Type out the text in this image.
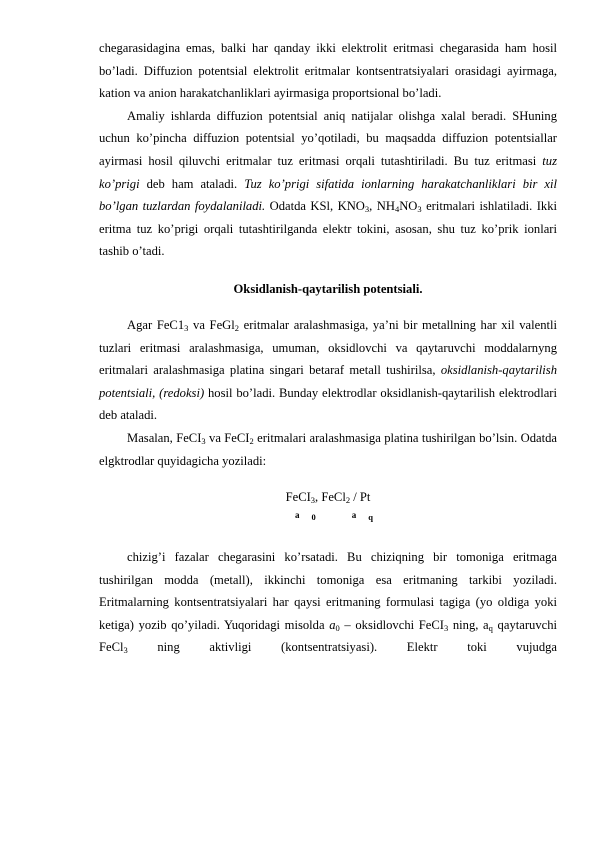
chegarasidagina emas, balki har qanday ikki elektrolit eritmasi chegarasida ham hosil bo’ladi. Diffuzion potentsial elektrolit eritmalar kontsentratsiyalari orasidagi ayirmaga, kation va anion harakatchanliklari ayirmasiga proportsional bo’ladi.

Amaliy ishlarda diffuzion potentsial aniq natijalar olishga xalal beradi. SHuning uchun ko’pincha diffuzion potentsial yo’qotiladi, bu maqsadda diffuzion potentsiallar ayirmasi hosil qiluvchi eritmalar tuz eritmasi orqali tutashtiriladi. Bu tuz eritmasi tuz ko’prigi deb ham ataladi. Tuz ko’prigi sifatida ionlarning harakatchanliklari bir xil bo’lgan tuzlardan foydalaniladi. Odatda KSl, $KNO_3$, $NH_4NO_3$ eritmalari ishlatiladi. Ikki eritma tuz ko’prigi orqali tutashtirilganda elektr tokini, asosan, shu tuz ko’prik ionlari tashib o’tadi.

Oksidlanish-qaytarilish potentsiali.

Agar $FeC1_3$ va FeGl$_2$ eritmalar aralashmasiga, ya’ni bir metallning har xil valentli tuzlari eritmasi aralashmasiga, umuman, oksidlovchi va qaytaruvchi moddalarnyng eritmalari aralashmasiga platina singari betaraf metall tushirilsa, oksidlanish-qaytarilish potentsiali, (redoksi) hosil bo’ladi. Bunday elektrodlar oksidlanish-qaytarilish elektrodlari deb ataladi.

Masalan, FeCI$_3$ va FeCI$_2$ eritmalari aralashmasiga platina tushirilgan bo’lsin. Odatda elgktrodlar quyidagicha yoziladi:

FeCI$_3$, FeCl$_2$ / Pt

a $_0$	a $_q$

chizig’i fazalar chegarasini ko’rsatadi. Bu chiziqning bir tomoniga eritmaga tushirilgan modda (metall), ikkinchi tomoniga esa eritmaning tarkibi yoziladi. Eritmalarning kontsentratsiyalari har qaysi eritmaning formulasi tagiga (yo oldiga yoki ketiga) yozib qo’yiladi. Yuqoridagi misolda $a_0$ – oksidlovchi FeCI$_3$ ning, $a_q$ qaytaruvchi FeCl$_3$ ning aktivligi (kontsentratsiyasi). Elektr toki vujudga
